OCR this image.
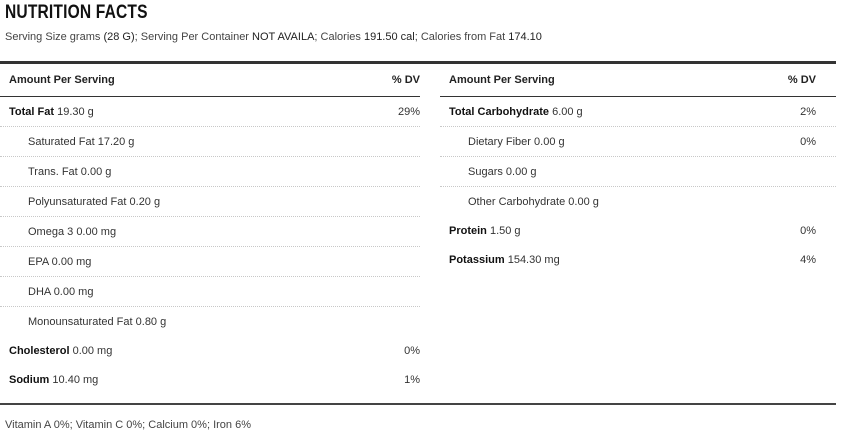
NUTRITION FACTS
Serving Size grams (28 G); Serving Per Container NOT AVAILA; Calories 191.50 cal; Calories from Fat 174.10
Amount Per Serving	% DV
Total Fat 19.30 g	29%
Saturated Fat 17.20 g
Trans. Fat 0.00 g
Polyunsaturated Fat 0.20 g
Omega 3 0.00 mg
EPA 0.00 mg
DHA 0.00 mg
Monounsaturated Fat 0.80 g
Cholesterol 0.00 mg	0%
Sodium 10.40 mg	1%
Amount Per Serving	% DV
Total Carbohydrate 6.00 g	2%
Dietary Fiber 0.00 g	0%
Sugars 0.00 g
Other Carbohydrate 0.00 g
Protein 1.50 g	0%
Potassium 154.30 mg	4%
Vitamin A 0%; Vitamin C 0%; Calcium 0%; Iron 6%
